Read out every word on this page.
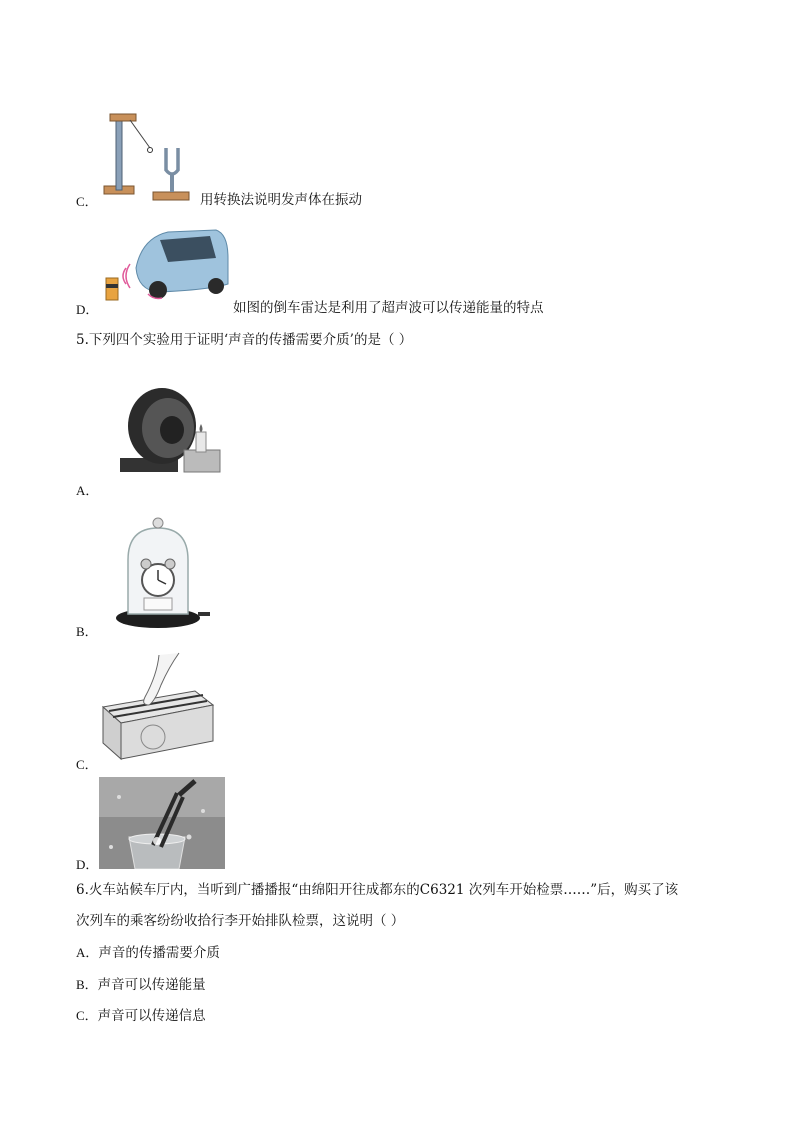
C．	用转换法说明发声体在振动
D．	如图的倒车雷达是利用了超声波可以传递能量的特点
5.下列四个实验用于证明‘声音的传播需要介质’的是（ ）
A．
B．
C．
D．
6.火车站候车厅内，当听到广播播报“由绵阳开往成都东的C6321 次列车开始检票……”后，购买了该
次列车的乘客纷纷收拾行李开始排队检票，这说明（ ）
A．声音的传播需要介质
B．声音可以传递能量
C．声音可以传递信息
